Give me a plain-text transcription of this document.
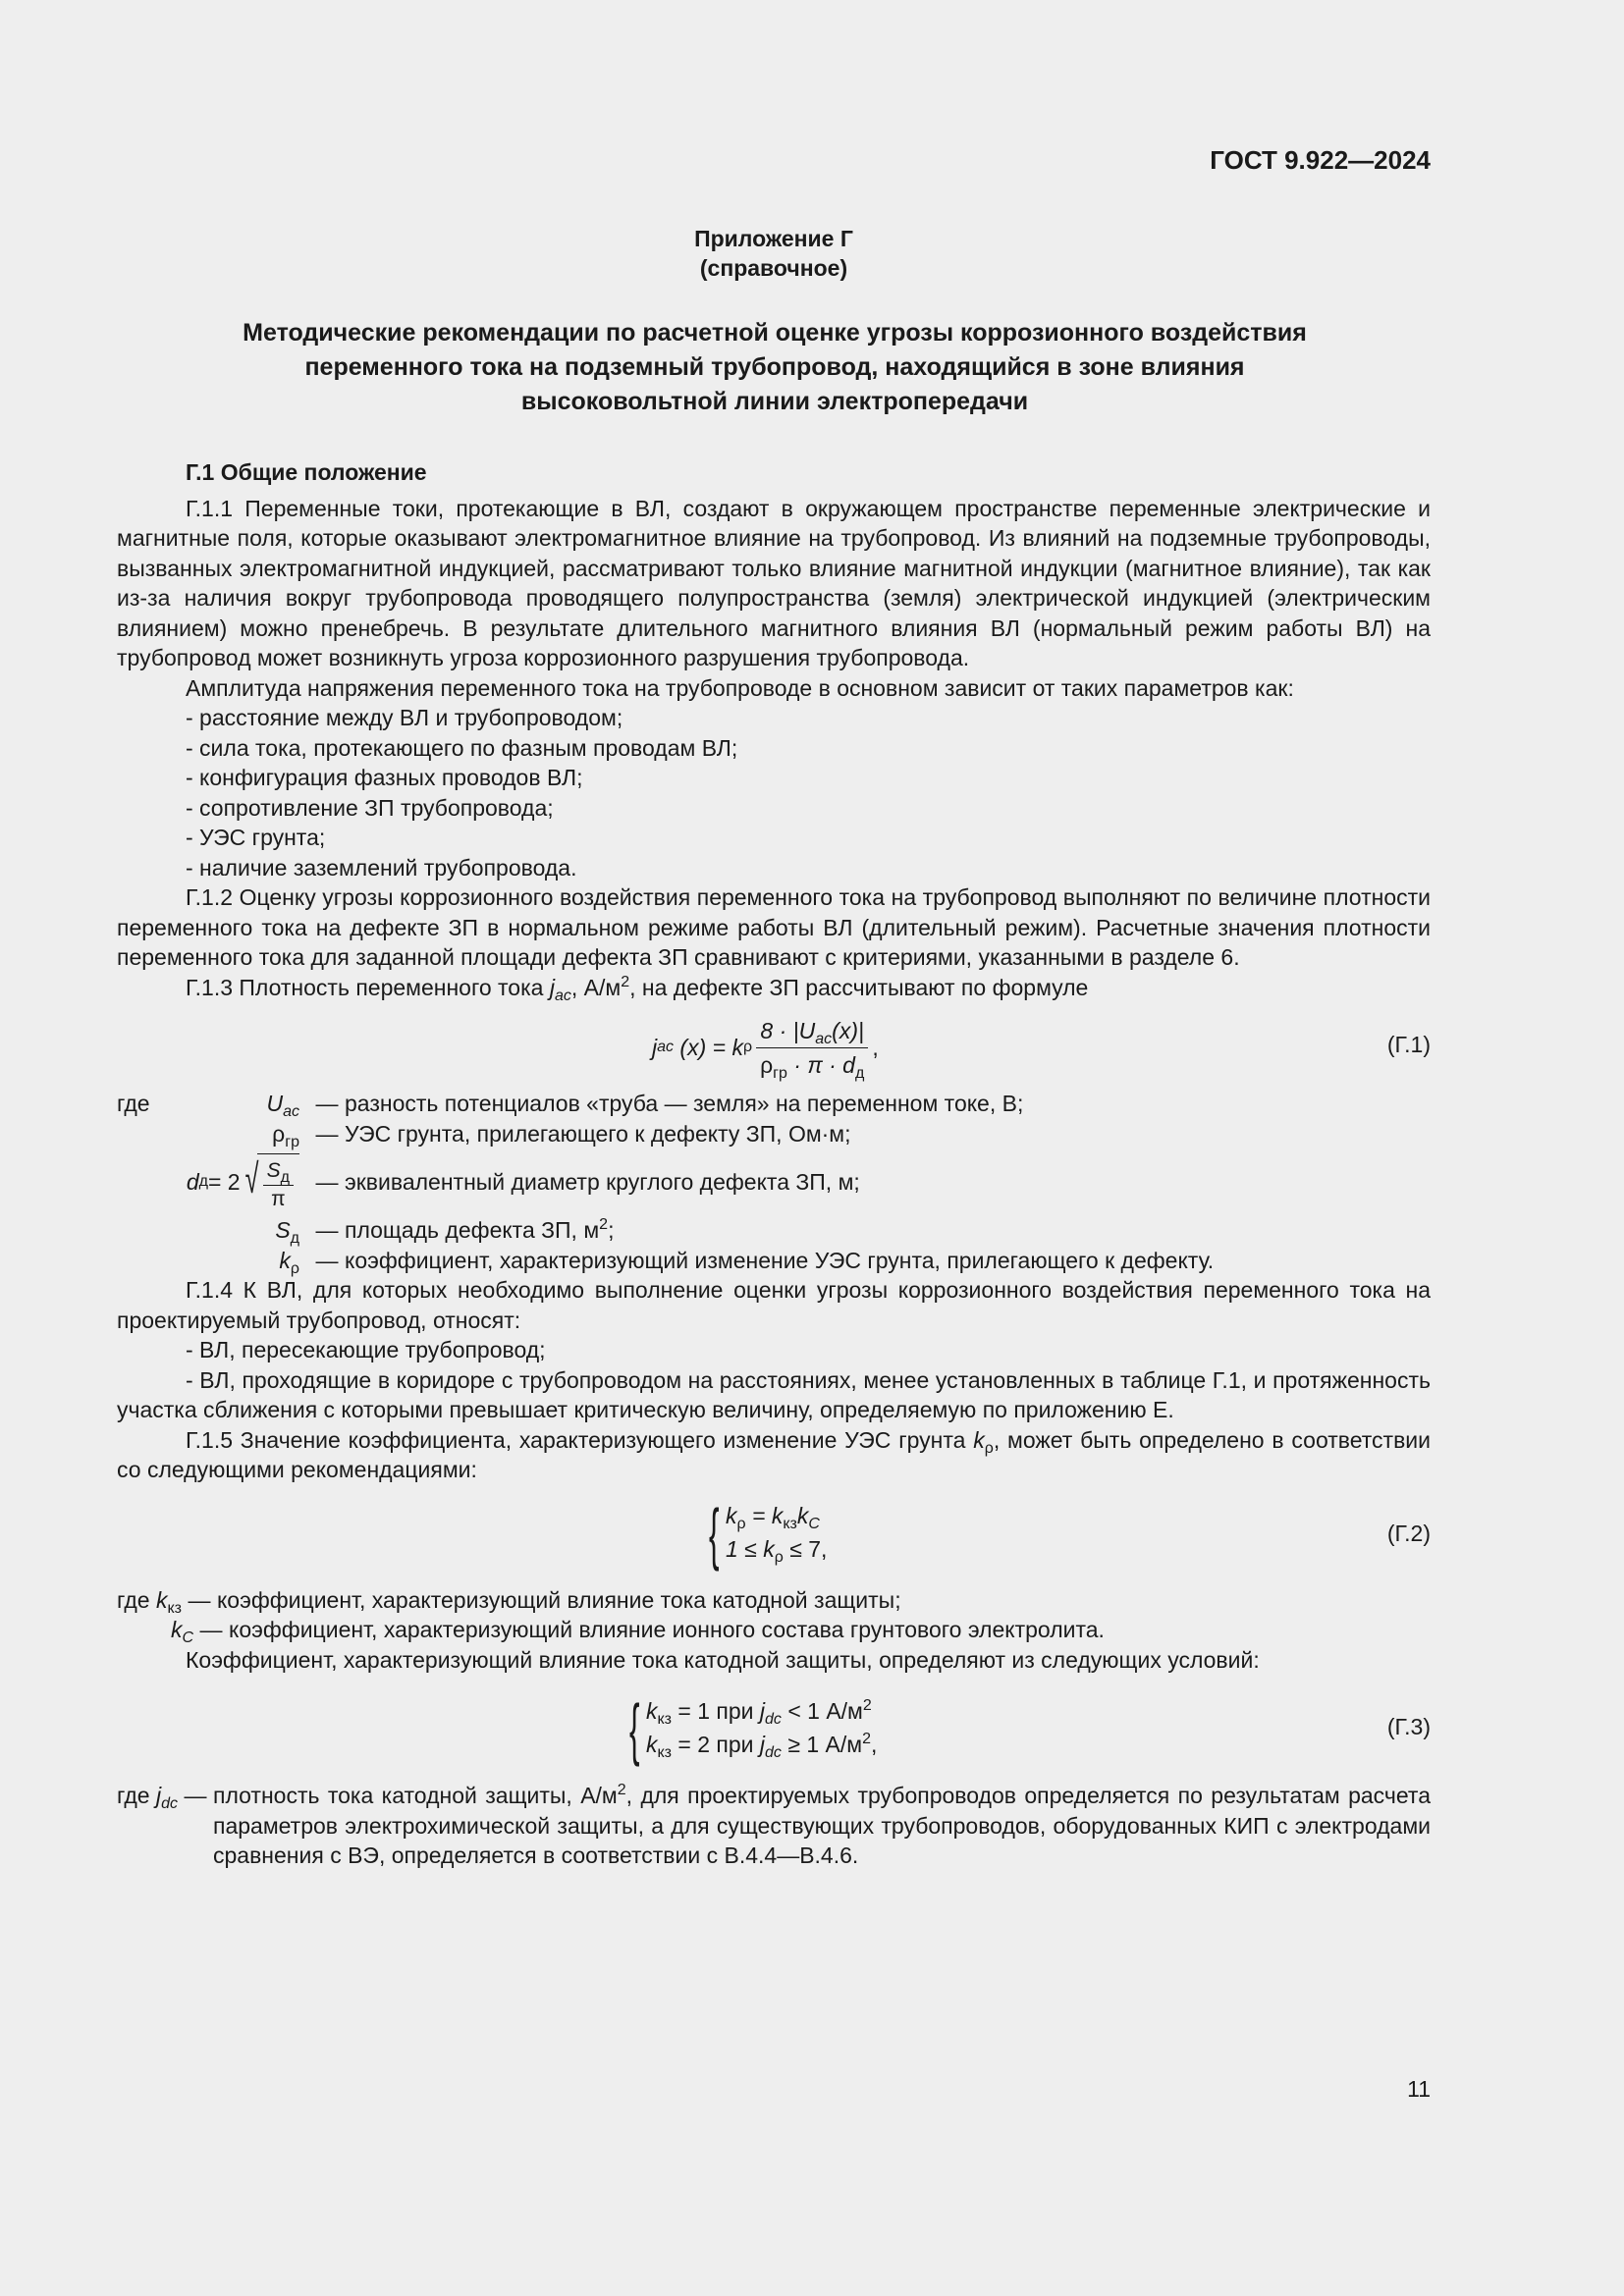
ГОСТ 9.922—2024
Приложение Г
(справочное)
Методические рекомендации по расчетной оценке угрозы коррозионного воздействия
переменного тока на подземный трубопровод, находящийся в зоне влияния
высоковольтной линии электропередачи
Г.1 Общие положение

Г.1.1 Переменные токи, протекающие в ВЛ, создают в окружающем пространстве переменные электрические и магнитные поля, которые оказывают электромагнитное влияние на трубопровод. Из влияний на подземные трубопроводы, вызванных электромагнитной индукцией, рассматривают только влияние магнитной индукции (магнитное влияние), так как из-за наличия вокруг трубопровода проводящего полупространства (земля) электрической индукцией (электрическим влиянием) можно пренебречь. В результате длительного магнитного влияния ВЛ (нормальный режим работы ВЛ) на трубопровод может возникнуть угроза коррозионного разрушения трубопровода.

Амплитуда напряжения переменного тока на трубопроводе в основном зависит от таких параметров как:

- расстояние между ВЛ и трубопроводом;

- сила тока, протекающего по фазным проводам ВЛ;

- конфигурация фазных проводов ВЛ;

- сопротивление ЗП трубопровода;

- УЭС грунта;

- наличие заземлений трубопровода.

Г.1.2 Оценку угрозы коррозионного воздействия переменного тока на трубопровод выполняют по величине плотности переменного тока на дефекте ЗП в нормальном режиме работы ВЛ (длительный режим). Расчетные значения плотности переменного тока для заданной площади дефекта ЗП сравнивают с критериями, указанными в разделе 6.

Г.1.3 Плотность переменного тока $j_{ac}$, $А/м^2$, на дефекте ЗП рассчитывают по формуле

j ac
(x) = k ρ $\frac{8 \cdot |U_{ac}(x)|}{\rho_{гр} \cdot \pi \cdot d_д}$ ,	(Г.1)
где	$U_{ac}$ — разность потенциалов «труба — земля» на переменном токе, В;
$\rho_{гр}$ — УЭС грунта, прилегающего к дефекту ЗП, Ом·м;
d д = 2 √ $\frac{S_д}{\pi}$ — эквивалентный диаметр круглого дефекта ЗП, м;
$S_д$ — площадь дефекта ЗП, $м^2$;
$k_\rho$ — коэффициент, характеризующий изменение УЭС грунта, прилегающего к дефекту.

Г.1.4 К ВЛ, для которых необходимо выполнение оценки угрозы коррозионного воздействия переменного тока на проектируемый трубопровод, относят:

- ВЛ, пересекающие трубопровод;

- ВЛ, проходящие в коридоре с трубопроводом на расстояниях, менее установленных в таблице Г.1, и протяженность участка сближения с которыми превышает критическую величину, определяемую по приложению Е.

Г.1.5 Значение коэффициента, характеризующего изменение УЭС грунта $k_\rho$, может быть определено в соответствии со следующими рекомендациями:

{ $k_\rho = k_{кз}k_C$
$1 \le k_\rho \le 7$,
(Г.2)
где $k_{кз}$ — коэффициент, характеризующий влияние тока катодной защиты;
$k_C$ — коэффициент, характеризующий влияние ионного состава грунтового электролита.

Коэффициент, характеризующий влияние тока катодной защиты, определяют из следующих условий:

{ $k_{кз} = 1$ при $j_{dc} < 1$ $А/м^2$
$k_{кз} = 2$ при $j_{dc} \ge 1$ $А/м^2$,
(Г.3)
где $j_{dc}$ — плотность тока катодной защиты, $А/м^2$, для проектируемых трубопроводов определяется по результатам расчета параметров электрохимической защиты, а для существующих трубопроводов, оборудованных КИП с электродами сравнения с ВЭ, определяется в соответствии с В.4.4—В.4.6.
11
